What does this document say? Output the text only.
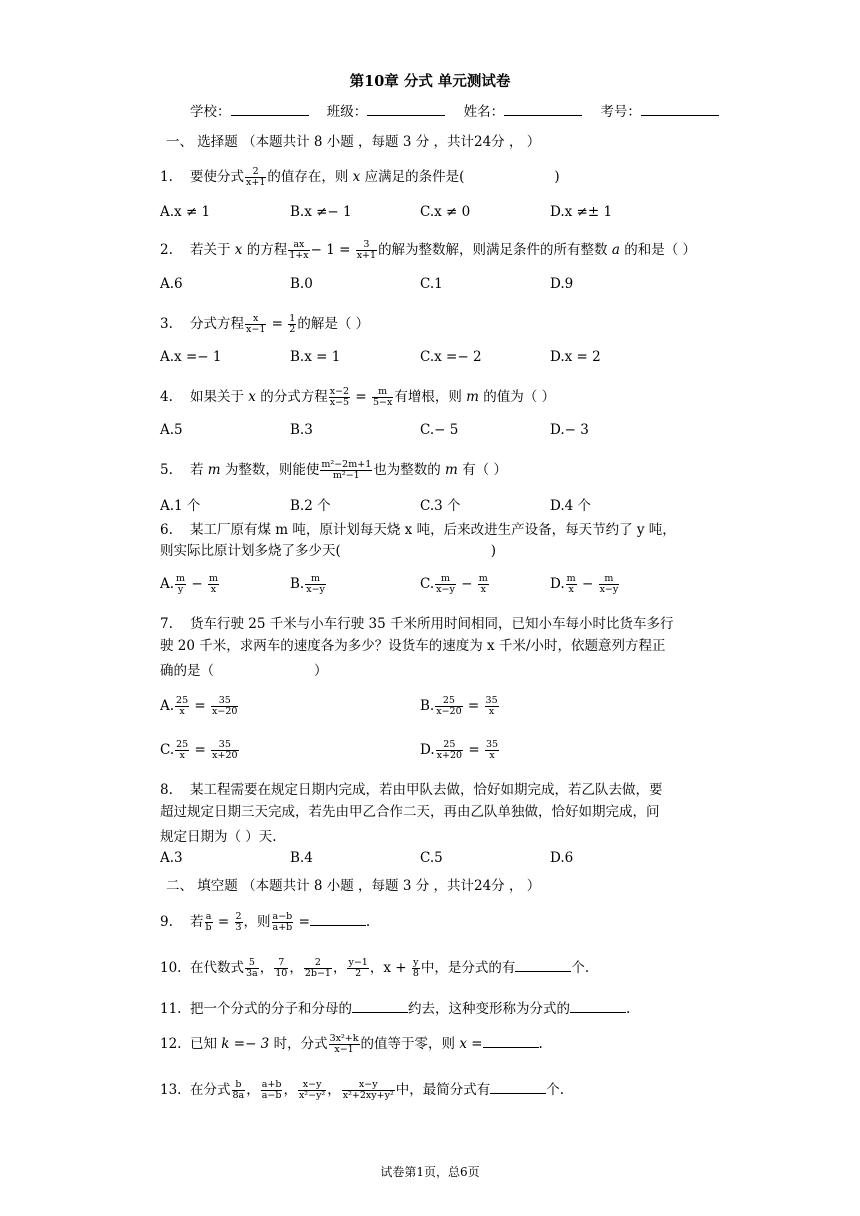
第10章 分式 单元测试卷
学校：	班级：	姓名：	考号：
一、 选择题 （本题共计 8 小题 ，每题 3 分 ，共计24分 ， ）
1. 要使分式 $\frac{2}{x+1}$ 的值存在，则 x 应满足的条件是(	)
A.x ≠ 1	B.x ≠− 1	C.x ≠ 0	D.x ≠± 1
2. 若关于 x 的方程 $\frac{ax}{1+x} - 1 = \frac{3}{x+1}$ 的解为整数解，则满足条件的所有整数 a 的和是（ ）
A.6	B.0	C.1	D.9
3. 分式方程 $\frac{x}{x-1} = \frac{1}{2}$ 的解是（ ）
A.x =− 1	B.x = 1	C.x =− 2	D.x = 2
4. 如果关于 x 的分式方程 $\frac{x-2}{x-5} = \frac{m}{5-x}$ 有增根，则 m 的值为（ ）
A.5	B.3	C.− 5	D.− 3
5. 若 m 为整数，则能使 $\frac{\text{m²−2m+1}}{\text{m²−1}}$ 也为整数的 m 有（ ）
A.1 个	B.2 个	C.3 个	D.4 个
6. 某工厂原有煤 m 吨，原计划每天烧 x 吨，后来改进生产设备，每天节约了 y 吨，
则实际比原计划多烧了多少天(	)
A. $\frac{m}{y} - \frac{m}{x}$	B. $\frac{m}{x-y}$	C. $\frac{m}{x-y} - \frac{m}{x}$	D. $\frac{m}{x} - \frac{m}{x-y}$
7. 货车行驶 25 千米与小车行驶 35 千米所用时间相同，已知小车每小时比货车多行
驶 20 千米，求两车的速度各为多少？设货车的速度为 x 千米/小时，依题意列方程正
确的是（	）
A. $\frac{25}{x} = \frac{35}{x-20}$	B. $\frac{25}{x-20} = \frac{35}{x}$
C. $\frac{25}{x} = \frac{35}{x+20}$	D. $\frac{25}{x+20} = \frac{35}{x}$
8. 某工程需要在规定日期内完成，若由甲队去做，恰好如期完成，若乙队去做，要
超过规定日期三天完成，若先由甲乙合作二天，再由乙队单独做，恰好如期完成，问
规定日期为（ ）天.
A.3	B.4	C.5	D.6
二、 填空题 （本题共计 8 小题 ，每题 3 分 ，共计24分 ， ）
9. 若 $\frac{a}{b} = \frac{2}{3}$ ，则 $\frac{a-b}{a+b}$ =	.
10. 在代数式 $\frac{5}{3a}$ ， $\frac{7}{10}$ ， $\frac{2}{2b-1}$ ， $\frac{y-1}{2}$ ，$x + \frac{y}{8}$ 中，是分式的有	个.
11. 把一个分式的分子和分母的	约去，这种变形称为分式的	.
12. 已知 k =− 3 时，分式 $\frac{\text{3x²+k}}{x-1}$ 的值等于零，则 x =	.
13. 在分式 $\frac{b}{8a}$ ， $\frac{a+b}{a-b}$ ， $\frac{x-y}{\text{x²−y²}}$ ， $\frac{x-y}{\text{x²+2xy+y²}}$ 中，最简分式有	个.
试卷第1页，总6页
